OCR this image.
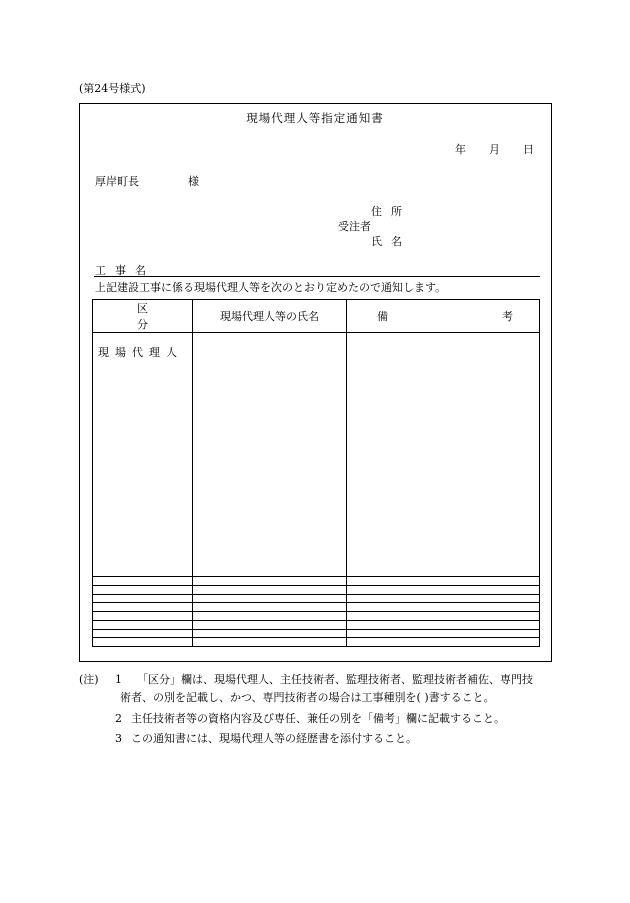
(第24号様式)
現場代理人等指定通知書
年 月 日
厚岸町長	様
住所
受注者
氏名
工事名
上記建設工事に係る現場代理人等を次のとおり定めたので通知します。
区分	現場代理人等の氏名	備 考

現場代理人		

(注) 1 「区分」欄は、現場代理人、主任技術者、監理技術者、監理技術者補佐、専門技
術者、の別を記載し、かつ、専門技術者の場合は工事種別を( )書すること。
2 主任技術者等の資格内容及び専任、兼任の別を「備考」欄に記載すること。
3 この通知書には、現場代理人等の経歴書を添付すること。
